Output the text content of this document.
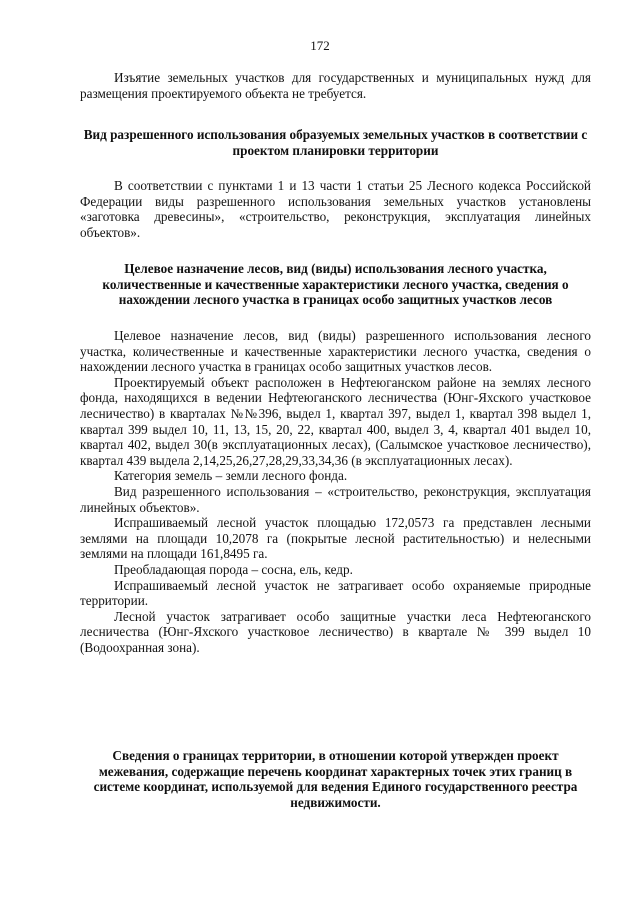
172

Изъятие земельных участков для государственных и муниципальных нужд для размещения проектируемого объекта не требуется.

Вид разрешенного использования образуемых земельных участков в соответствии с проектом планировки территории

В соответствии с пунктами 1 и 13 части 1 статьи 25 Лесного кодекса Российской Федерации виды разрешенного использования земельных участков установлены «заготовка древесины», «строительство, реконструкция, эксплуатация линейных объектов».

Целевое назначение лесов, вид (виды) использования лесного участка, количественные и качественные характеристики лесного участка, сведения о нахождении лесного участка в границах особо защитных участков лесов

Целевое назначение лесов, вид (виды) разрешенного использования лесного участка, количественные и качественные характеристики лесного участка, сведения о нахождении лесного участка в границах особо защитных участков лесов.

Проектируемый объект расположен в Нефтеюганском районе на землях лесного фонда, находящихся в ведении Нефтеюганского лесничества (Юнг-Яхского участковое лесничество) в кварталах №№396, выдел 1, квартал 397, выдел 1, квартал 398 выдел 1, квартал 399 выдел 10, 11, 13, 15, 20, 22, квартал 400, выдел 3, 4, квартал 401 выдел 10, квартал 402, выдел 30(в эксплуатационных лесах), (Салымское участковое лесничество), квартал 439 выдела 2,14,25,26,27,28,29,33,34,36 (в эксплуатационных лесах).

Категория земель – земли лесного фонда.

Вид разрешенного использования – «строительство, реконструкция, эксплуатация линейных объектов».

Испрашиваемый лесной участок площадью 172,0573 га представлен лесными землями на площади 10,2078 га (покрытые лесной растительностью) и нелесными землями на площади 161,8495 га.

Преобладающая порода – сосна, ель, кедр.

Испрашиваемый лесной участок не затрагивает особо охраняемые природные территории.

Лесной участок затрагивает особо защитные участки леса Нефтеюганского лесничества (Юнг-Яхского участковое лесничество) в квартале № 399 выдел 10 (Водоохранная зона).

Сведения о границах территории, в отношении которой утвержден проект межевания, содержащие перечень координат характерных точек этих границ в системе координат, используемой для ведения Единого государственного реестра недвижимости.
